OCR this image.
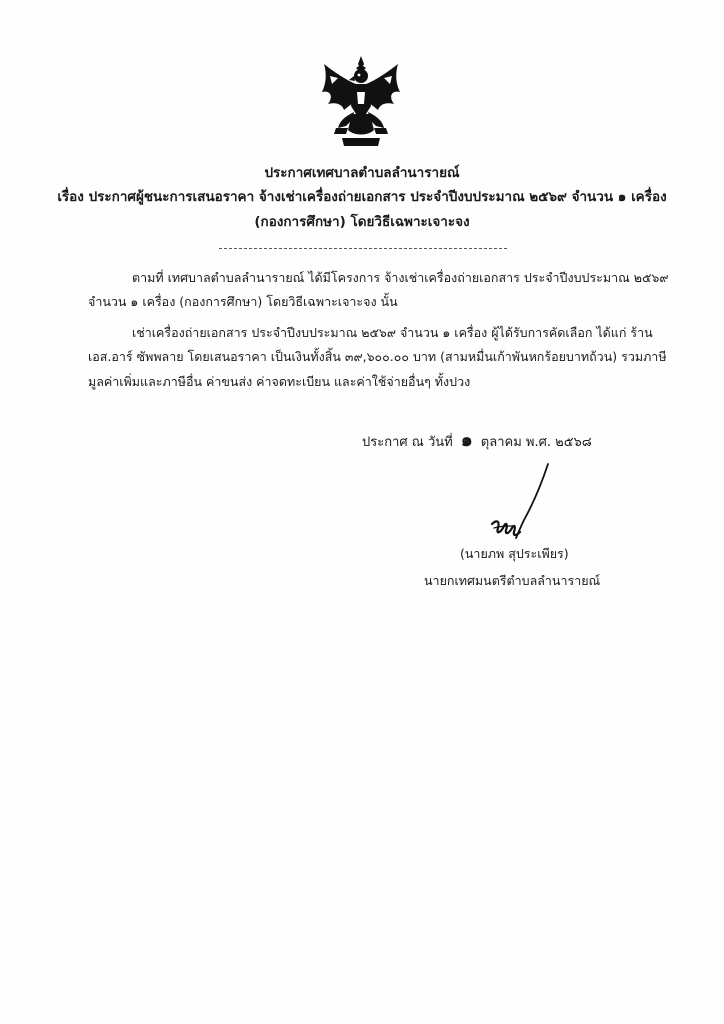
ประกาศเทศบาลตำบลลำนารายณ์
เรื่อง ประกาศผู้ชนะการเสนอราคา จ้างเช่าเครื่องถ่ายเอกสาร ประจำปีงบประมาณ ๒๕๖๙ จำนวน ๑ เครื่อง
(กองการศึกษา) โดยวิธีเฉพาะเจาะจง
ตามที่ เทศบาลตำบลลำนารายณ์ ได้มีโครงการ จ้างเช่าเครื่องถ่ายเอกสาร ประจำปีงบประมาณ ๒๕๖๙
จำนวน ๑ เครื่อง (กองการศึกษา) โดยวิธีเฉพาะเจาะจง นั้น
เช่าเครื่องถ่ายเอกสาร ประจำปีงบประมาณ ๒๕๖๙ จำนวน ๑ เครื่อง ผู้ได้รับการคัดเลือก ได้แก่ ร้าน
เอส.อาร์ ซัพพลาย โดยเสนอราคา เป็นเงินทั้งสิ้น ๓๙,๖๐๐.๐๐ บาท (สามหมื่นเก้าพันหกร้อยบาทถ้วน) รวมภาษี
มูลค่าเพิ่มและภาษีอื่น ค่าขนส่ง ค่าจดทะเบียน และค่าใช้จ่ายอื่นๆ ทั้งปวง
ประกาศ ณ วันที่ ๑ ตุลาคม พ.ศ. ๒๕๖๘
(นายภพ สุประเพียร)
นายกเทศมนตรีตำบลลำนารายณ์
